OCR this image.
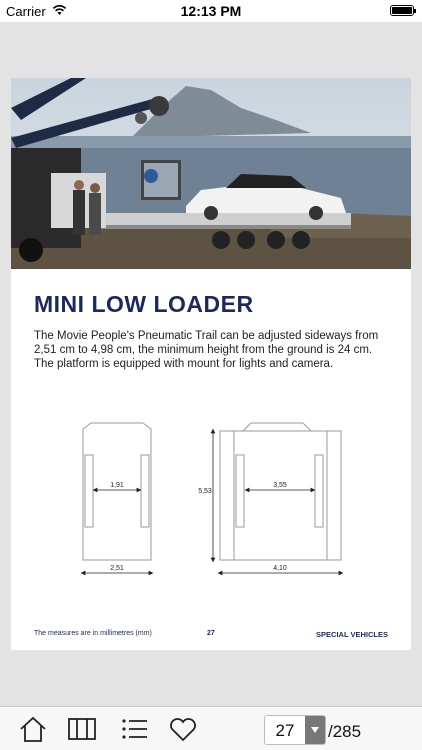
Carrier	12:13 PM
MINI LOW LOADER
The Movie People's Pneumatic Trail can be adjusted sideways from 2,51 cm to 4,98 cm, the minimum height from the ground is 24 cm. The platform is equipped with mount for lights and camera.
1,91
2,51
3,55
4,10
5,53
The measures are in millimetres (mm)	27	SPECIAL VEHICLES
27	/285
